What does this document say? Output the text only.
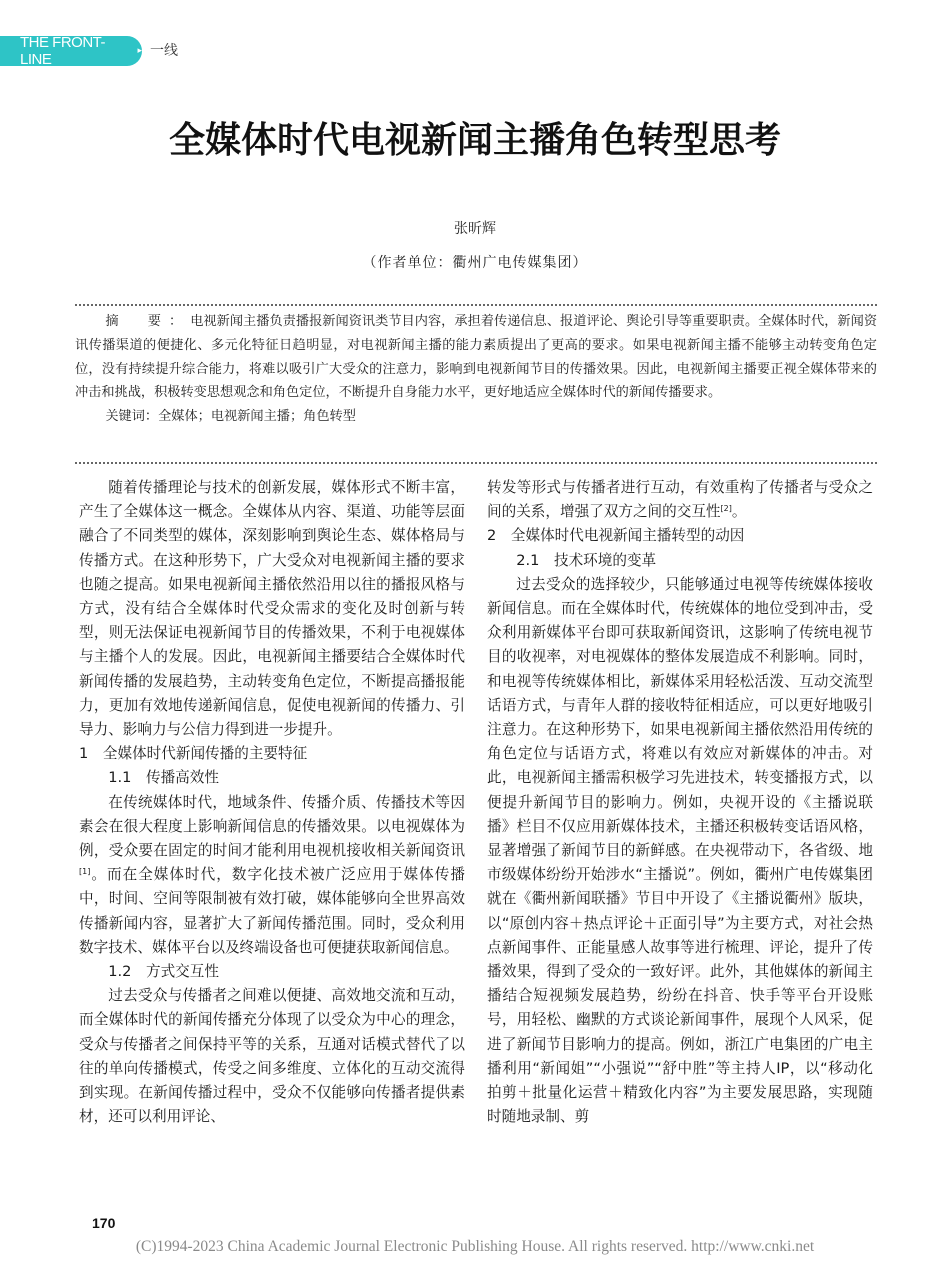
THE FRONT-LINE	▸ 一线
全媒体时代电视新闻主播角色转型思考
张昕辉
（作者单位：衢州广电传媒集团）

摘　要：电视新闻主播负责播报新闻资讯类节目内容，承担着传递信息、报道评论、舆论引导等重要职责。全媒体时代，新闻资讯传播渠道的便捷化、多元化特征日趋明显，对电视新闻主播的能力素质提出了更高的要求。如果电视新闻主播不能够主动转变角色定位，没有持续提升综合能力，将难以吸引广大受众的注意力，影响到电视新闻节目的传播效果。因此，电视新闻主播要正视全媒体带来的冲击和挑战，积极转变思想观念和角色定位，不断提升自身能力水平，更好地适应全媒体时代的新闻传播要求。

关键词：全媒体；电视新闻主播；角色转型

随着传播理论与技术的创新发展，媒体形式不断丰富，产生了全媒体这一概念。全媒体从内容、渠道、功能等层面融合了不同类型的媒体，深刻影响到舆论生态、媒体格局与传播方式。在这种形势下，广大受众对电视新闻主播的要求也随之提高。如果电视新闻主播依然沿用以往的播报风格与方式，没有结合全媒体时代受众需求的变化及时创新与转型，则无法保证电视新闻节目的传播效果，不利于电视媒体与主播个人的发展。因此，电视新闻主播要结合全媒体时代新闻传播的发展趋势，主动转变角色定位，不断提高播报能力，更加有效地传递新闻信息，促使电视新闻的传播力、引导力、影响力与公信力得到进一步提升。

1　全媒体时代新闻传播的主要特征

1.1　传播高效性

在传统媒体时代，地域条件、传播介质、传播技术等因素会在很大程度上影响新闻信息的传播效果。以电视媒体为例，受众要在固定的时间才能利用电视机接收相关新闻资讯[1]。而在全媒体时代，数字化技术被广泛应用于媒体传播中，时间、空间等限制被有效打破，媒体能够向全世界高效传播新闻内容，显著扩大了新闻传播范围。同时，受众利用数字技术、媒体平台以及终端设备也可便捷获取新闻信息。

1.2　方式交互性

过去受众与传播者之间难以便捷、高效地交流和互动，而全媒体时代的新闻传播充分体现了以受众为中心的理念，受众与传播者之间保持平等的关系，互通对话模式替代了以往的单向传播模式，传受之间多维度、立体化的互动交流得到实现。在新闻传播过程中，受众不仅能够向传播者提供素材，还可以利用评论、

转发等形式与传播者进行互动，有效重构了传播者与受众之间的关系，增强了双方之间的交互性[2]。

2　全媒体时代电视新闻主播转型的动因

2.1　技术环境的变革

过去受众的选择较少，只能够通过电视等传统媒体接收新闻信息。而在全媒体时代，传统媒体的地位受到冲击，受众利用新媒体平台即可获取新闻资讯，这影响了传统电视节目的收视率，对电视媒体的整体发展造成不利影响。同时，和电视等传统媒体相比，新媒体采用轻松活泼、互动交流型话语方式，与青年人群的接收特征相适应，可以更好地吸引注意力。在这种形势下，如果电视新闻主播依然沿用传统的角色定位与话语方式，将难以有效应对新媒体的冲击。对此，电视新闻主播需积极学习先进技术，转变播报方式，以便提升新闻节目的影响力。例如，央视开设的《主播说联播》栏目不仅应用新媒体技术，主播还积极转变话语风格，显著增强了新闻节目的新鲜感。在央视带动下，各省级、地市级媒体纷纷开始涉水“主播说”。例如，衢州广电传媒集团就在《衢州新闻联播》节目中开设了《主播说衢州》版块，以“原创内容＋热点评论＋正面引导”为主要方式，对社会热点新闻事件、正能量感人故事等进行梳理、评论，提升了传播效果，得到了受众的一致好评。此外，其他媒体的新闻主播结合短视频发展趋势，纷纷在抖音、快手等平台开设账号，用轻松、幽默的方式谈论新闻事件，展现个人风采，促进了新闻节目影响力的提高。例如，浙江广电集团的广电主播利用“新闻姐”“小强说”“舒中胜”等主持人IP，以“移动化拍剪＋批量化运营＋精致化内容”为主要发展思路，实现随时随地录制、剪

170
(C)1994-2023 China Academic Journal Electronic Publishing House. All rights reserved. http://www.cnki.net
